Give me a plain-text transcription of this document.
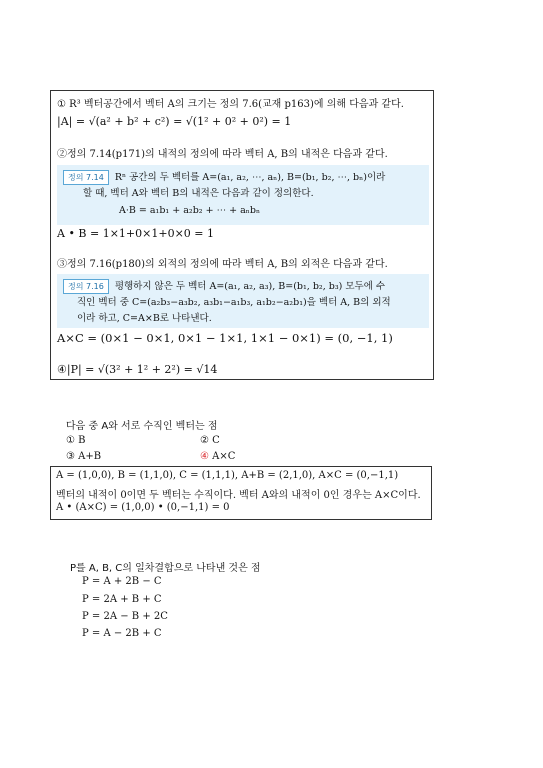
① R³ 벡터공간에서 벡터 A의 크기는 정의 7.6(교재 p163)에 의해 다음과 같다.
|A| = √(a² + b² + c²) = √(1² + 0² + 0²) = 1
②정의 7.14(p171)의 내적의 정의에 따라 벡터 A, B의 내적은 다음과 같다.
정의 7.14 Rⁿ 공간의 두 벡터를 A=(a₁, a₂, ⋯, aₙ), B=(b₁, b₂, ⋯, bₙ)이라
할 때, 벡터 A와 벡터 B의 내적은 다음과 같이 정의한다.
A·B = a₁b₁ + a₂b₂ + ⋯ + aₙbₙ
A • B = 1×1+0×1+0×0 = 1
③정의 7.16(p180)의 외적의 정의에 따라 벡터 A, B의 외적은 다음과 같다.
정의 7.16 평행하지 않은 두 벡터 A=(a₁, a₂, a₃), B=(b₁, b₂, b₃) 모두에 수
직인 벡터 중 C=(a₂b₃−a₃b₂, a₃b₁−a₁b₃, a₁b₂−a₂b₁)을 벡터 A, B의 외적
이라 하고, C=A×B로 나타낸다.
A×C = (0×1 − 0×1, 0×1 − 1×1, 1×1 − 0×1) = (0, −1, 1)
④|P| = √(3² + 1² + 2²) = √14
다음 중 A와 서로 수직인 벡터는 점
① B	② C
③ A+B	④ A×C
A = (1,0,0), B = (1,1,0), C = (1,1,1), A+B = (2,1,0), A×C = (0,−1,1)
벡터의 내적이 0이면 두 벡터는 수직이다. 벡터 A와의 내적이 0인 경우는 A×C이다.
A • (A×C) = (1,0,0) • (0,−1,1) = 0
P를 A, B, C의 일차결합으로 나타낸 것은 점
P = A + 2B − C
P = 2A + B + C
P = 2A − B + 2C
P = A − 2B + C
